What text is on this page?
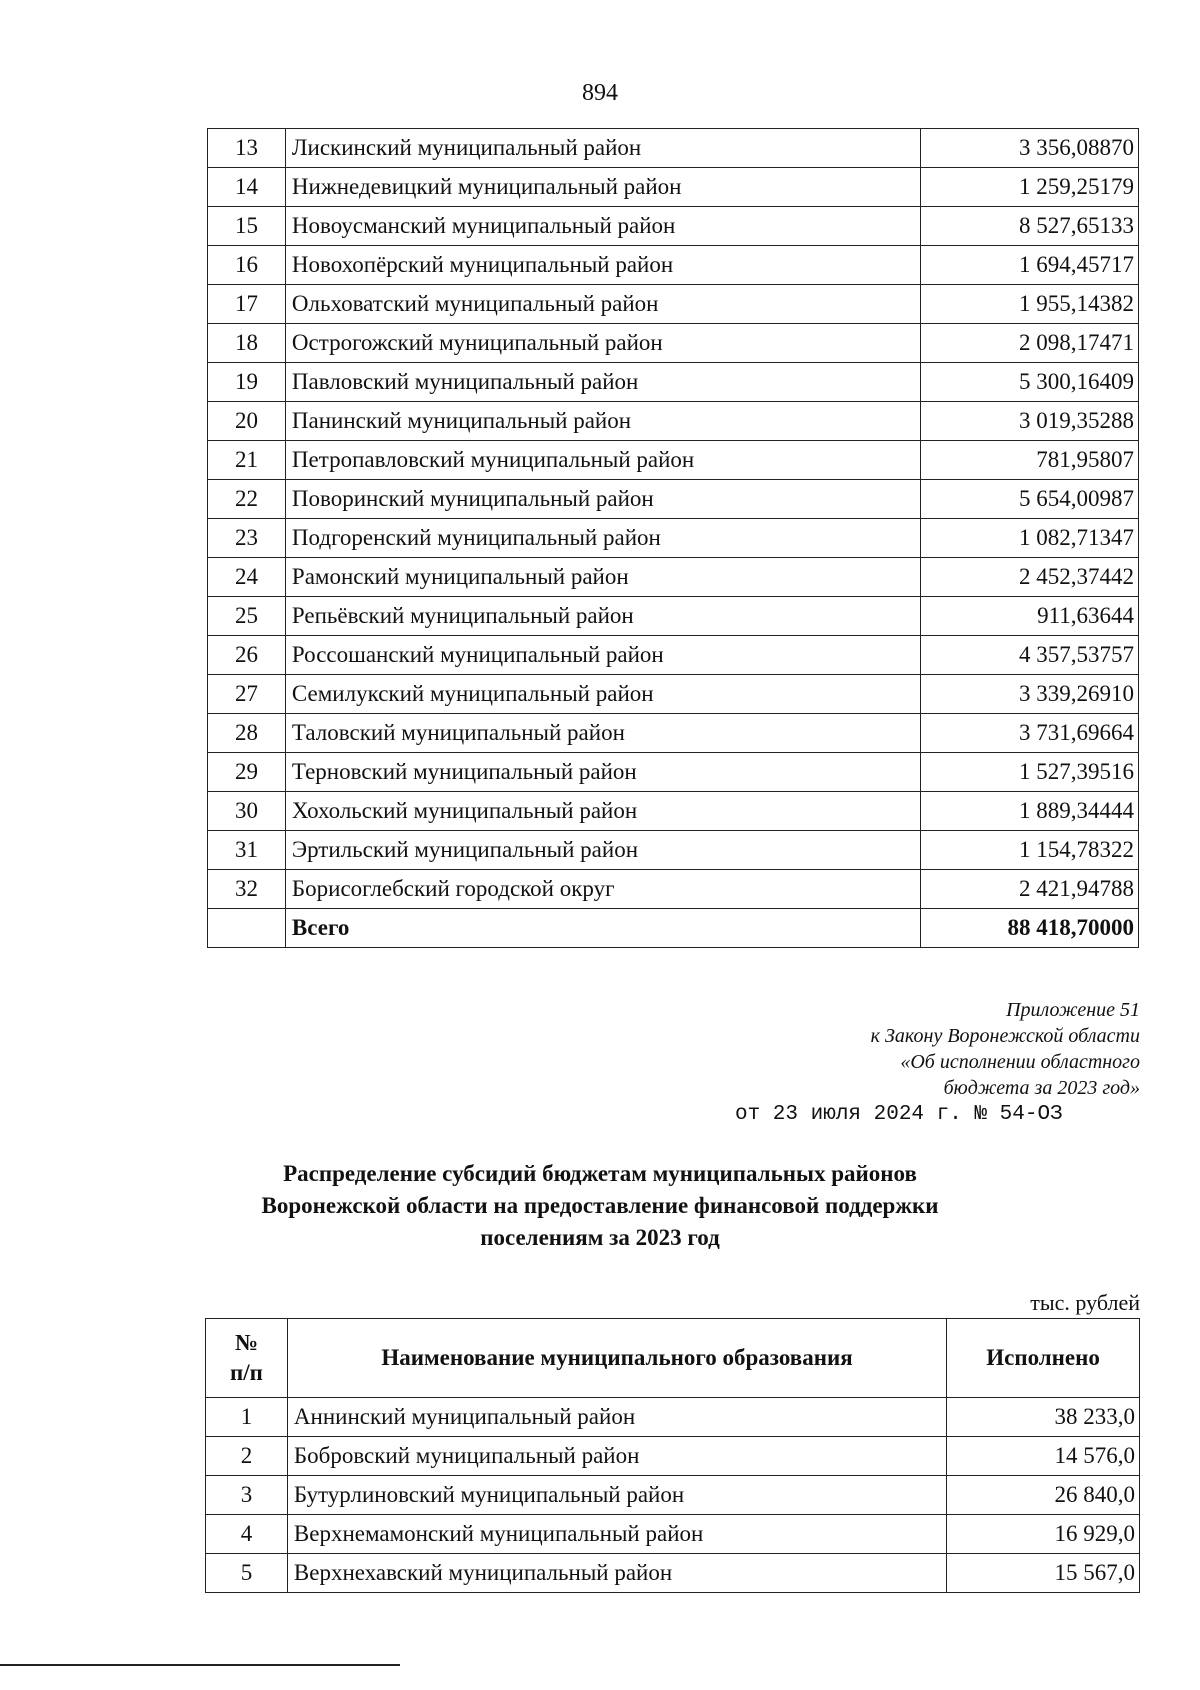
894
13	Лискинский муниципальный район	3 356,08870
14	Нижнедевицкий муниципальный район	1 259,25179
15	Новоусманский муниципальный район	8 527,65133
16	Новохопёрский муниципальный район	1 694,45717
17	Ольховатский муниципальный район	1 955,14382
18	Острогожский муниципальный район	2 098,17471
19	Павловский муниципальный район	5 300,16409
20	Панинский муниципальный район	3 019,35288
21	Петропавловский муниципальный район	781,95807
22	Поворинский муниципальный район	5 654,00987
23	Подгоренский муниципальный район	1 082,71347
24	Рамонский муниципальный район	2 452,37442
25	Репьёвский муниципальный район	911,63644
26	Россошанский муниципальный район	4 357,53757
27	Семилукский муниципальный район	3 339,26910
28	Таловский муниципальный район	3 731,69664
29	Терновский муниципальный район	1 527,39516
30	Хохольский муниципальный район	1 889,34444
31	Эртильский муниципальный район	1 154,78322
32	Борисоглебский городской округ	2 421,94788
	Всего	88 418,70000
Приложение 51
к Закону Воронежской области
«Об исполнении областного
бюджета за 2023 год»
от 23 июля 2024 г. № 54-ОЗ
Распределение субсидий бюджетам муниципальных районов
Воронежской области на предоставление финансовой поддержки
поселениям за 2023 год
тыс. рублей
№
п/п	Наименование муниципального образования	Исполнено
1	Аннинский муниципальный район	38 233,0
2	Бобровский муниципальный район	14 576,0
3	Бутурлиновский муниципальный район	26 840,0
4	Верхнемамонский муниципальный район	16 929,0
5	Верхнехавский муниципальный район	15 567,0
